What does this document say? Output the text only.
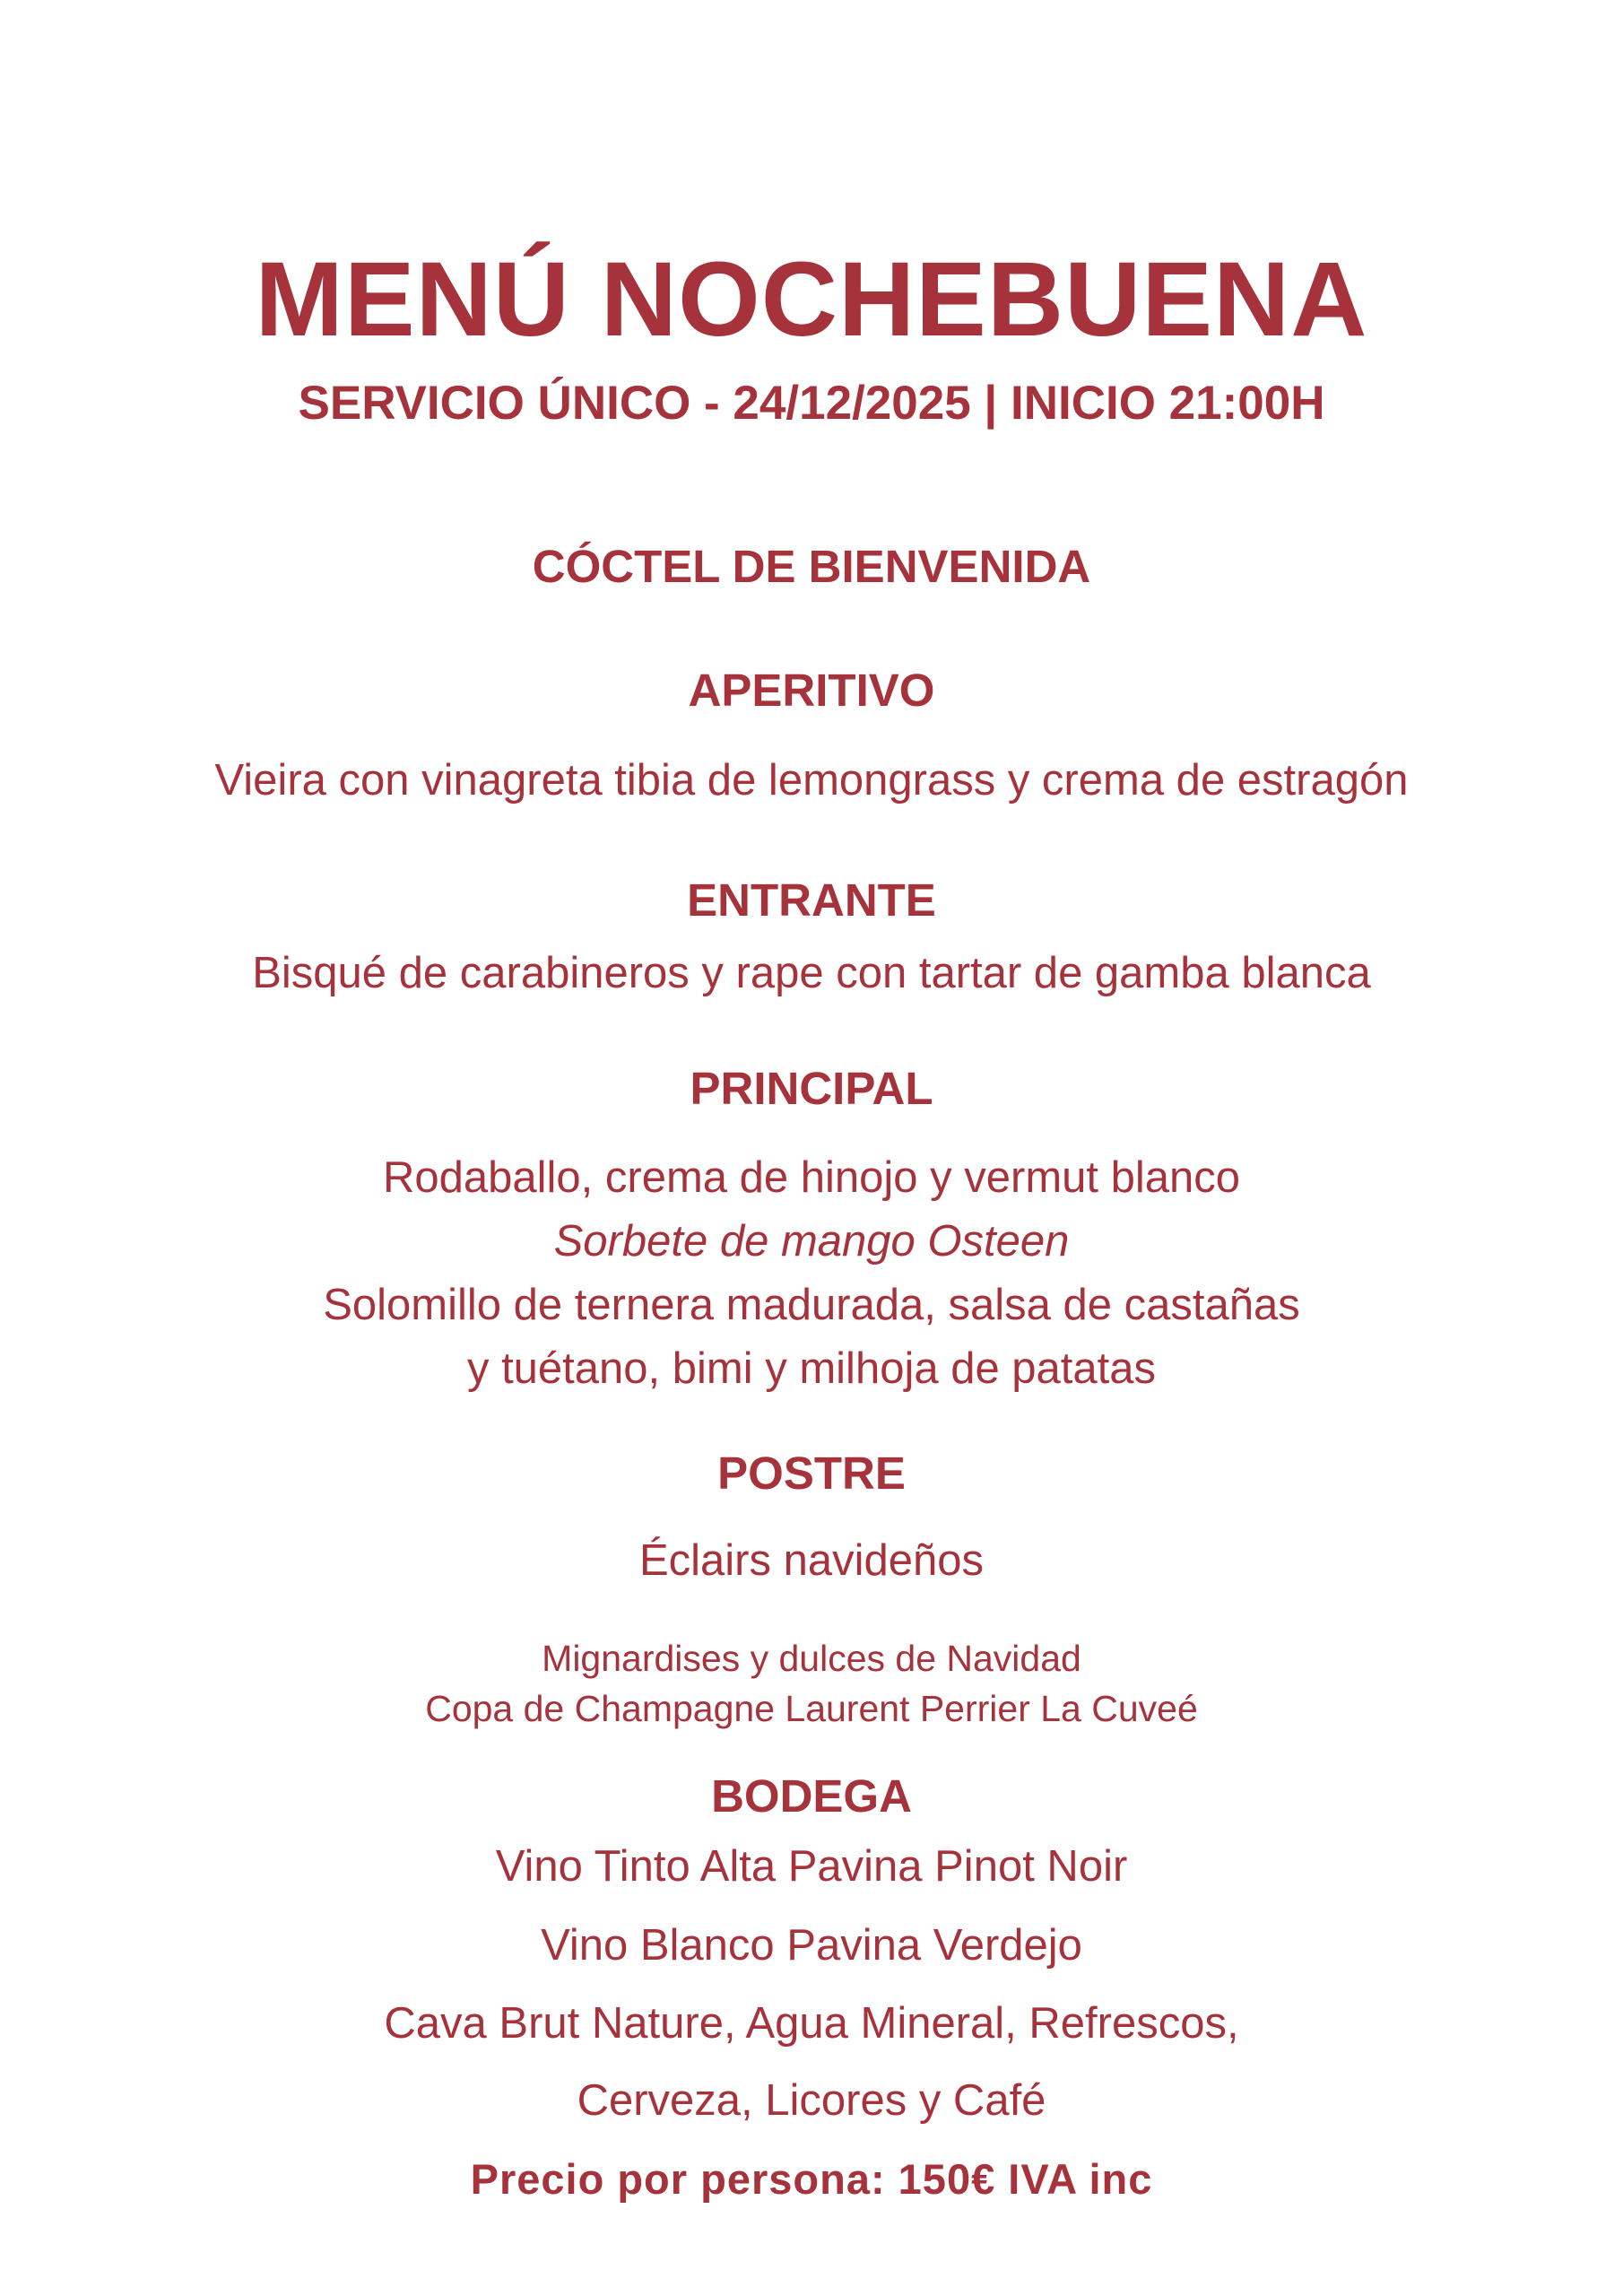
MENÚ NOCHEBUENA
SERVICIO ÚNICO - 24/12/2025 | INICIO 21:00H
CÓCTEL DE BIENVENIDA
APERITIVO
Vieira con vinagreta tibia de lemongrass y crema de estragón
ENTRANTE
Bisqué de carabineros y rape con tartar de gamba blanca
PRINCIPAL
Rodaballo, crema de hinojo y vermut blanco
Sorbete de mango Osteen
Solomillo de ternera madurada, salsa de castañas
y tuétano, bimi y milhoja de patatas
POSTRE
Éclairs navideños
Mignardises y dulces de Navidad
Copa de Champagne Laurent Perrier La Cuveé
BODEGA
Vino Tinto Alta Pavina Pinot Noir
Vino Blanco Pavina Verdejo
Cava Brut Nature, Agua Mineral, Refrescos,
Cerveza, Licores y Café
Precio por persona: 150€ IVA inc
